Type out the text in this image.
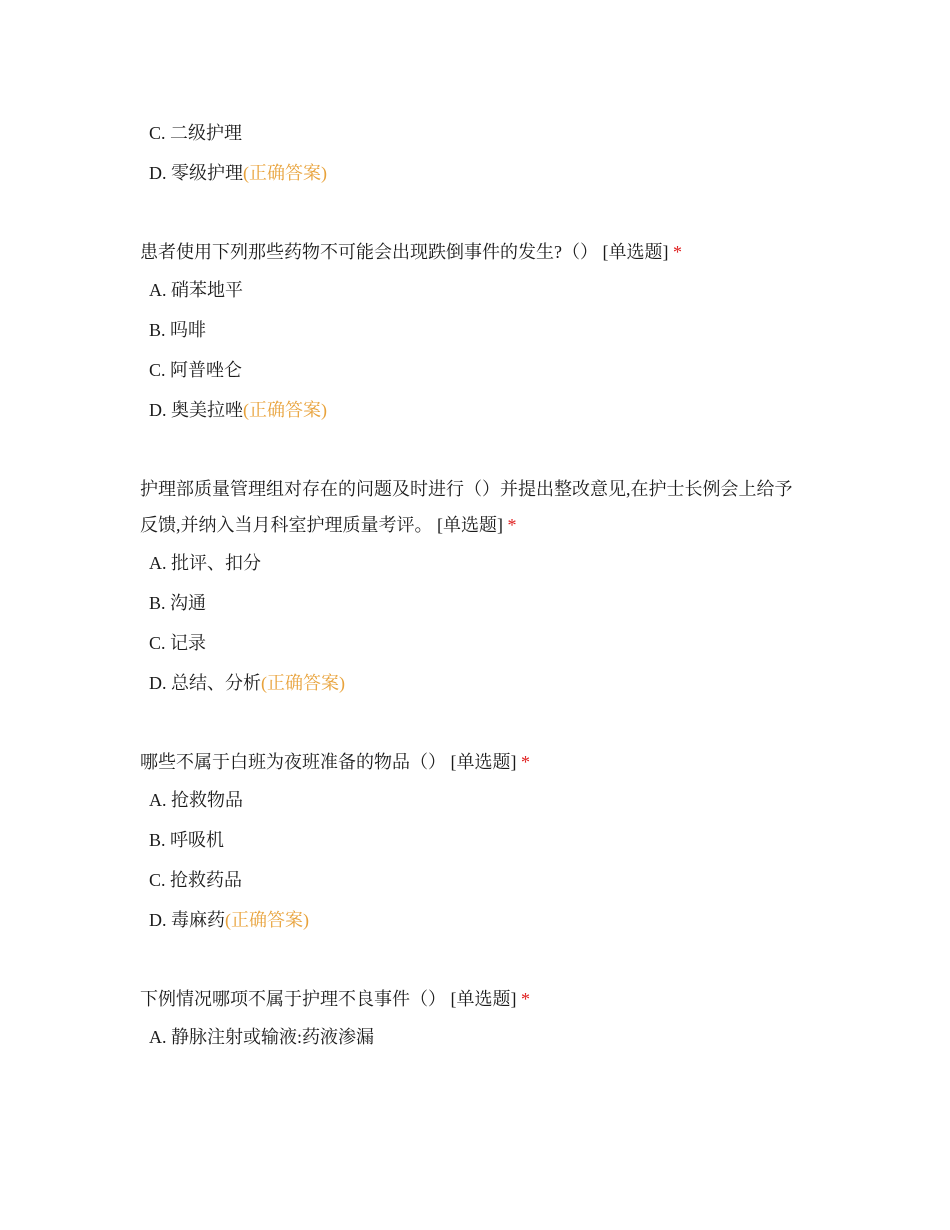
C. 二级护理
D. 零级护理(正确答案)
患者使用下列那些药物不可能会出现跌倒事件的发生?（） [单选题] *
A. 硝苯地平
B. 吗啡
C. 阿普唑仑
D. 奥美拉唑(正确答案)
护理部质量管理组对存在的问题及时进行（）并提出整改意见,在护士长例会上给予反馈,并纳入当月科室护理质量考评。 [单选题] *
A. 批评、扣分
B. 沟通
C. 记录
D. 总结、分析(正确答案)
哪些不属于白班为夜班准备的物品（） [单选题] *
A. 抢救物品
B. 呼吸机
C. 抢救药品
D. 毒麻药(正确答案)
下例情况哪项不属于护理不良事件（） [单选题] *
A. 静脉注射或输液:药液渗漏
